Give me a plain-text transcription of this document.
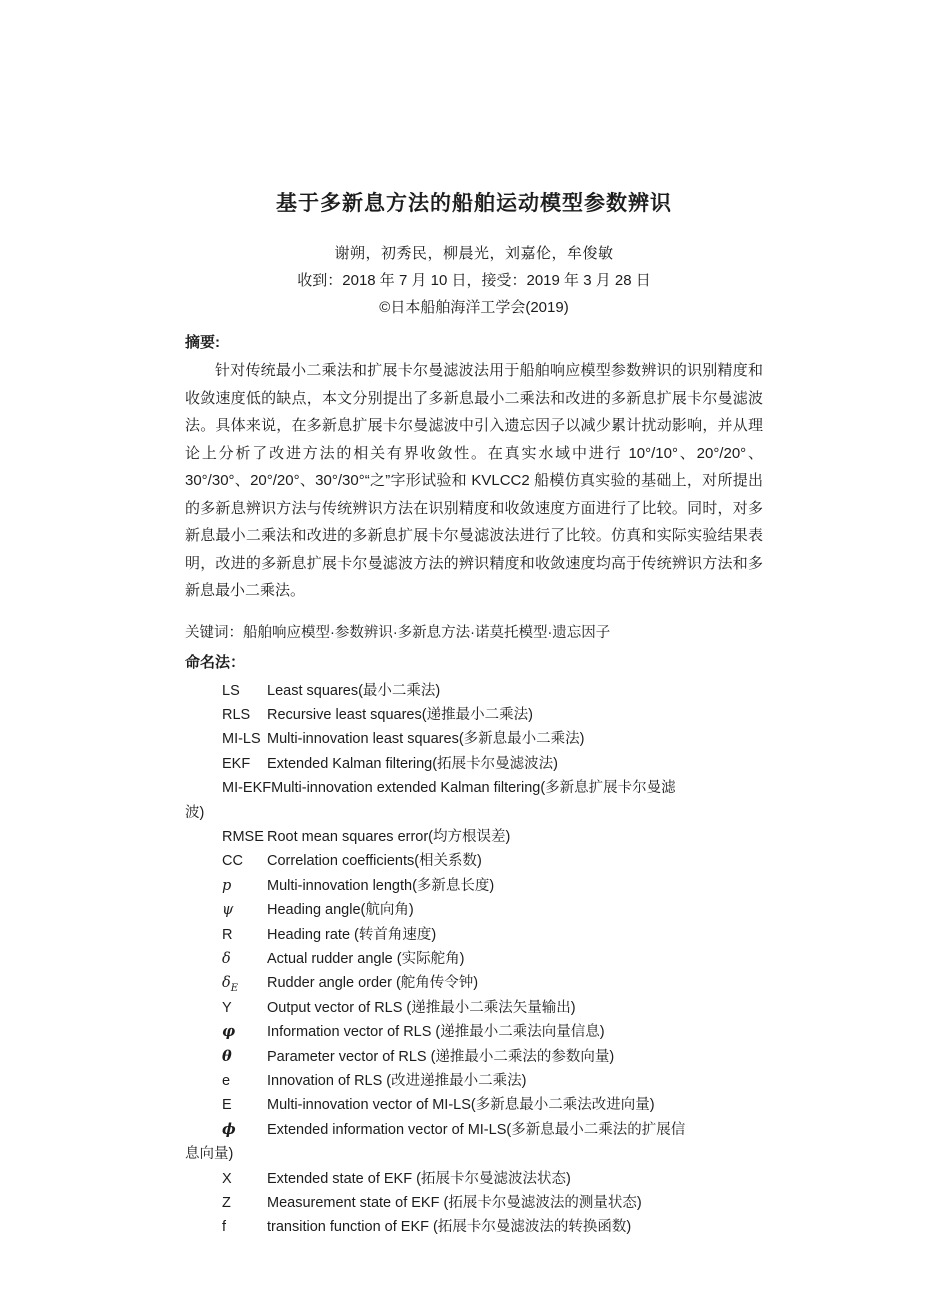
基于多新息方法的船舶运动模型参数辨识
谢朔，初秀民，柳晨光，刘嘉伦，牟俊敏
收到：2018 年 7 月 10 日，接受：2019 年 3 月 28 日
©日本船舶海洋工学会(2019)
摘要:

针对传统最小二乘法和扩展卡尔曼滤波法用于船舶响应模型参数辨识的识别精度和收敛速度低的缺点，本文分别提出了多新息最小二乘法和改进的多新息扩展卡尔曼滤波法。具体来说，在多新息扩展卡尔曼滤波中引入遗忘因子以减少累计扰动影响，并从理论上分析了改进方法的相关有界收敛性。在真实水域中进行 10°/10°、20°/20°、30°/30°、20°/20°、30°/30°“之”字形试验和 KVLCC2 船模仿真实验的基础上，对所提出的多新息辨识方法与传统辨识方法在识别精度和收敛速度方面进行了比较。同时，对多新息最小二乘法和改进的多新息扩展卡尔曼滤波法进行了比较。仿真和实际实验结果表明，改进的多新息扩展卡尔曼滤波方法的辨识精度和收敛速度均高于传统辨识方法和多新息最小二乘法。

关键词：船舶响应模型·参数辨识·多新息方法·诺莫托模型·遗忘因子
命名法：
LS	Least squares(最小二乘法)
RLS	Recursive least squares(递推最小二乘法)
MI-LS Multi-innovation least squares(多新息最小二乘法)
EKF	Extended Kalman filtering(拓展卡尔曼滤波法)
MI-EKF Multi-innovation extended Kalman filtering(多新息扩展卡尔曼滤
波)
RMSE Root mean squares error(均方根误差)
CC	Correlation coefficients(相关系数)
p	Multi-innovation length(多新息长度)
ψ	Heading angle(航向角)
R	Heading rate (转首角速度)
δ	Actual rudder angle (实际舵角)
$\delta_E$	Rudder angle order (舵角传令钟)
Y	Output vector of RLS (递推最小二乘法矢量输出)
φ	Information vector of RLS (递推最小二乘法向量信息)
θ	Parameter vector of RLS (递推最小二乘法的参数向量)
e	Innovation of RLS (改进递推最小二乘法)
E	Multi-innovation vector of MI-LS(多新息最小二乘法改进向量)
ϕ	Extended information vector of MI-LS(多新息最小二乘法的扩展信
息向量)
X	Extended state of EKF (拓展卡尔曼滤波法状态)
Z	Measurement state of EKF (拓展卡尔曼滤波法的测量状态)
f	transition function of EKF (拓展卡尔曼滤波法的转换函数)
